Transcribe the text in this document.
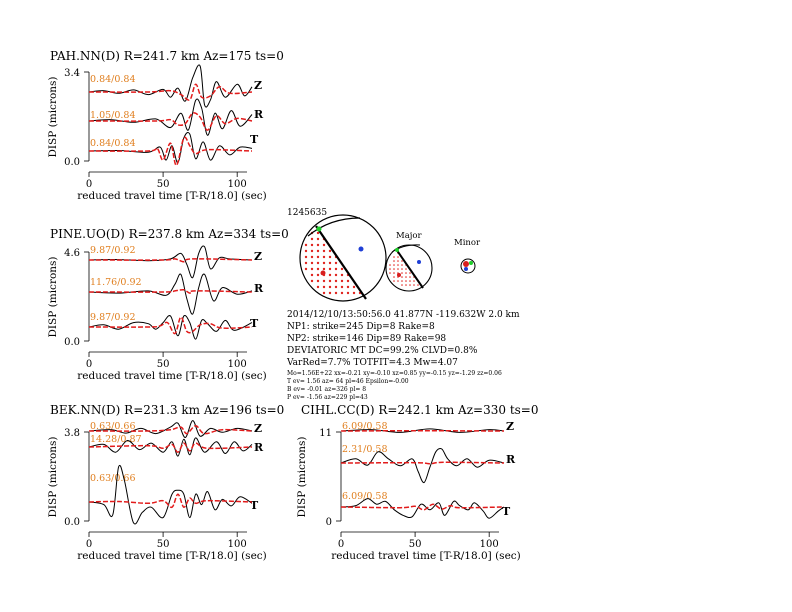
PAH.NN(D) R=241.7 km Az=175 ts=0
DISP (microns)
3.4
0.0
0	50	100
reduced travel time [T-R/18.0] (sec)
0.84/0.84	Z
1.05/0.84	R
0.84/0.84	T
PINE.UO(D) R=237.8 km Az=334 ts=0
DISP (microns)
4.6
0.0
0	50	100
reduced travel time [T-R/18.0] (sec)
9.87/0.92	Z
11.76/0.92	R
9.87/0.92	T
BEK.NN(D) R=231.3 km Az=196 ts=0
DISP (microns)
3.8
0.0
0	50	100
reduced travel time [T-R/18.0] (sec)
0.63/0.66	Z
14.28/0.87
R
0.63/0.66
T
CIHL.CC(D) R=242.1 km Az=330 ts=0
DISP (microns)
11
0
0	50	100
reduced travel time [T-R/18.0] (sec)
6.09/0.58	Z
2.31/0.58
R
6.09/0.58
T
1245635
Major
Minor
2014/12/10/13:50:56.0 41.877N -119.632W 2.0 km
NP1: strike=245 Dip=8 Rake=8
NP2: strike=146 Dip=89 Rake=98
DEVIATORIC MT DC=99.2% CLVD=0.8%
VarRed=7.7% TOTFIT=4.3 Mw=4.07
Mo=1.56E+22 xx=-0.21 xy=-0.10 xz=0.85 yy=-0.15 yz=-1.29 zz=0.06
T ev= 1.56 az= 64 pl=46 Epsilon=-0.00
B ev= -0.01 az=326 pl= 8
P ev= -1.56 az=229 pl=43
